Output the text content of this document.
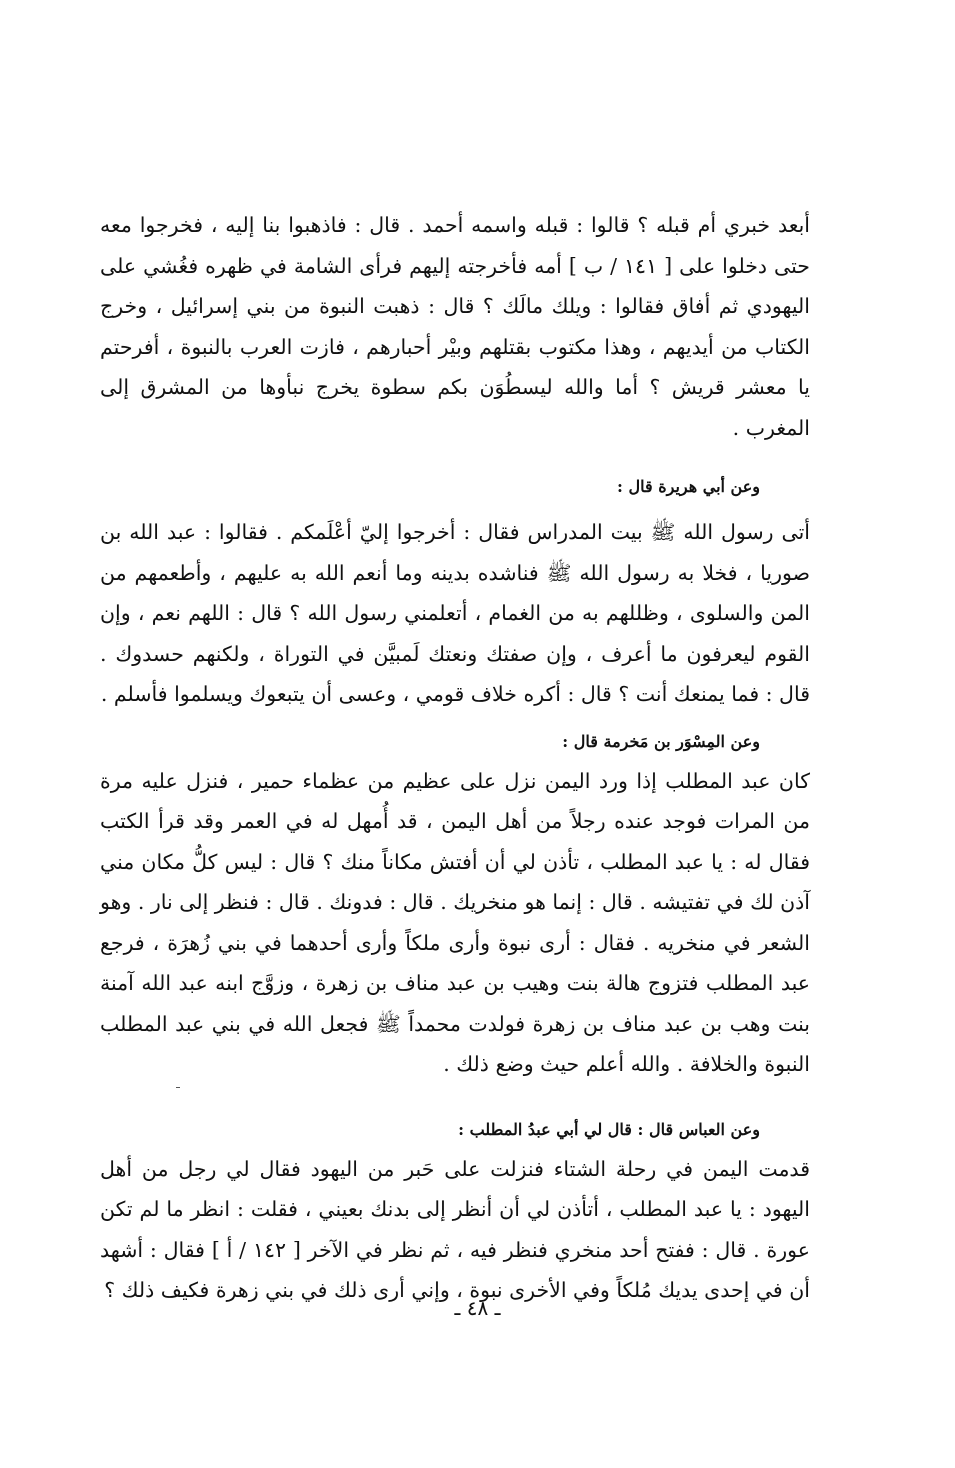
أبعد خبري أم قبله ؟ قالوا : قبله واسمه أحمد . قال : فاذهبوا بنا إليه ، فخرجوا معه حتى دخلوا على [ ١٤١ / ب ] أمه فأخرجته إليهم فرأى الشامة في ظهره فغُشي على اليهودي ثم أفاق فقالوا : ويلك مالَك ؟ قال : ذهبت النبوة من بني إسرائيل ، وخرج الكتاب من أيديهم ، وهذا مكتوب بقتلهم وبيْر أحبارهم ، فازت العرب بالنبوة ، أفرحتم يا معشر قريش ؟ أما والله ليسطُوَن بكم سطوة يخرج نبأوها من المشرق إلى المغرب .

وعن أبي هريرة قال :

أتى رسول الله ﷺ بيت المدراس فقال : أخرجوا إليّ أعْلَمكم . فقالوا : عبد الله بن صوريا ، فخلا به رسول الله ﷺ فناشده بدينه وما أنعم الله به عليهم ، وأطعمهم من المن والسلوى ، وظللهم به من الغمام ، أتعلمني رسول الله ؟ قال : اللهم نعم ، وإن القوم ليعرفون ما أعرف ، وإن صفتك ونعتك لَمبيَّن في التوراة ، ولكنهم حسدوك . قال : فما يمنعك أنت ؟ قال : أكره خلاف قومي ، وعسى أن يتبعوك ويسلموا فأسلم .

وعن المِسْوَر بن مَخرمة قال :

كان عبد المطلب إذا ورد اليمن نزل على عظيم من عظماء حمير ، فنزل عليه مرة من المرات فوجد عنده رجلاً من أهل اليمن ، قد أُمهل له في العمر وقد قرأ الكتب فقال له : يا عبد المطلب ، تأذن لي أن أفتش مكاناً منك ؟ قال : ليس كلُّ مكان مني آذن لك في تفتيشه . قال : إنما هو منخريك . قال : فدونك . قال : فنظر إلى نار . وهو الشعر في منخريه . فقال : أرى نبوة وأرى ملكاً وأرى أحدهما في بني زُهرَة ، فرجع عبد المطلب فتزوج هالة بنت وهيب بن عبد مناف بن زهرة ، وزوَّج ابنه عبد الله آمنة بنت وهب بن عبد مناف بن زهرة فولدت محمداً ﷺ فجعل الله في بني عبد المطلب النبوة والخلافة . والله أعلم حيث وضع ذلك .

وعن العباس قال : قال لي أبي عبدُ المطلب :

قدمت اليمن في رحلة الشتاء فنزلت على حَبر من اليهود فقال لي رجل من أهل اليهود : يا عبد المطلب ، أتأذن لي أن أنظر إلى بدنك بعيني ، فقلت : انظر ما لم تكن عورة . قال : ففتح أحد منخري فنظر فيه ، ثم نظر في الآخر [ ١٤٢ / أ ] فقال : أشهد أن في إحدى يديك مُلكاً وفي الأخرى نبوة ، وإني أرى ذلك في بني زهرة فكيف ذلك ؟

ـ ٤٨ ـ
